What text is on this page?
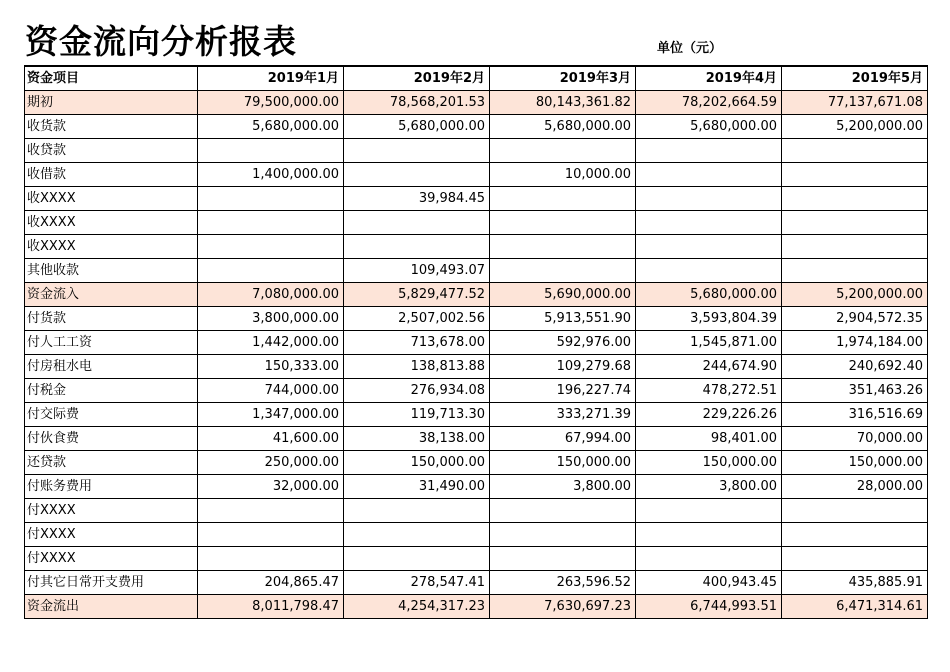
资金流向分析报表	单位（元）
资金项目	2019年1月	2019年2月	2019年3月	2019年4月	2019年5月
期初	79,500,000.00	78,568,201.53	80,143,361.82	78,202,664.59	77,137,671.08
收货款	5,680,000.00	5,680,000.00	5,680,000.00	5,680,000.00	5,200,000.00
收贷款					
收借款	1,400,000.00		10,000.00		
收XXXX		39,984.45			
收XXXX					
收XXXX					
其他收款		109,493.07			
资金流入	7,080,000.00	5,829,477.52	5,690,000.00	5,680,000.00	5,200,000.00
付货款	3,800,000.00	2,507,002.56	5,913,551.90	3,593,804.39	2,904,572.35
付人工工资	1,442,000.00	713,678.00	592,976.00	1,545,871.00	1,974,184.00
付房租水电	150,333.00	138,813.88	109,279.68	244,674.90	240,692.40
付税金	744,000.00	276,934.08	196,227.74	478,272.51	351,463.26
付交际费	1,347,000.00	119,713.30	333,271.39	229,226.26	316,516.69
付伙食费	41,600.00	38,138.00	67,994.00	98,401.00	70,000.00
还贷款	250,000.00	150,000.00	150,000.00	150,000.00	150,000.00
付账务费用	32,000.00	31,490.00	3,800.00	3,800.00	28,000.00
付XXXX					
付XXXX					
付XXXX					
付其它日常开支费用	204,865.47	278,547.41	263,596.52	400,943.45	435,885.91
资金流出	8,011,798.47	4,254,317.23	7,630,697.23	6,744,993.51	6,471,314.61
